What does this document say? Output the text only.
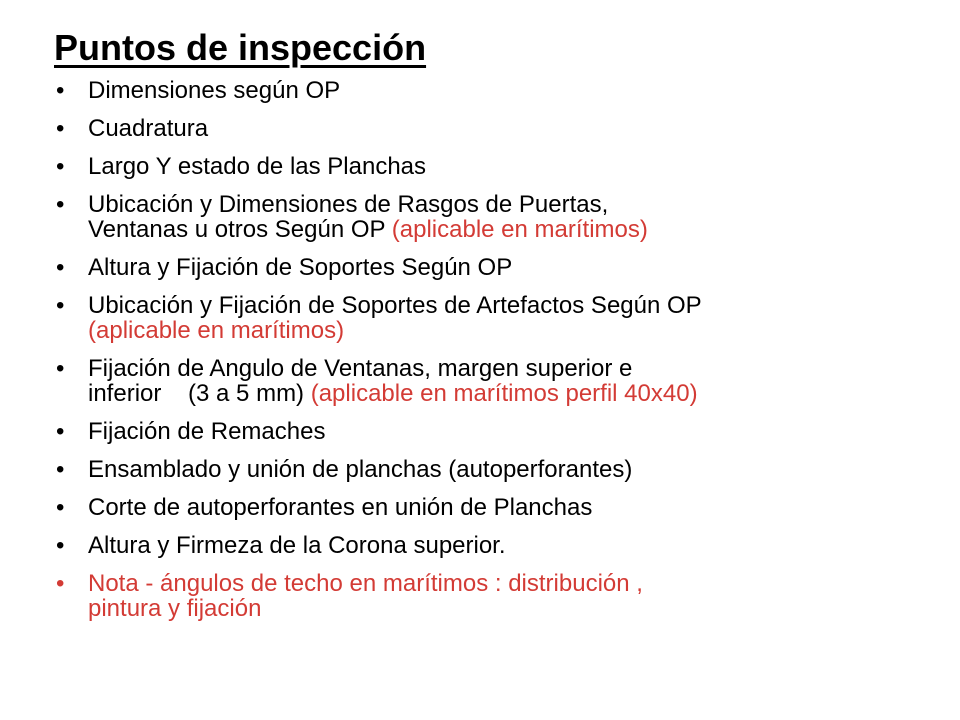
Puntos de inspección
• Dimensiones según OP
• Cuadratura
• Largo Y estado de las Planchas
• Ubicación y Dimensiones de Rasgos de Puertas,
Ventanas u otros Según OP (aplicable en marítimos)
• Altura y Fijación de Soportes Según OP
• Ubicación y Fijación de Soportes de Artefactos Según OP
(aplicable en marítimos)
• Fijación de Angulo de Ventanas, margen superior e
inferior    (3 a 5 mm) (aplicable en marítimos perfil 40x40)
• Fijación de Remaches
• Ensamblado y unión de planchas (autoperforantes)
• Corte de autoperforantes en unión de Planchas
• Altura y Firmeza de la Corona superior.
• Nota - ángulos de techo en marítimos : distribución ,
pintura y fijación
